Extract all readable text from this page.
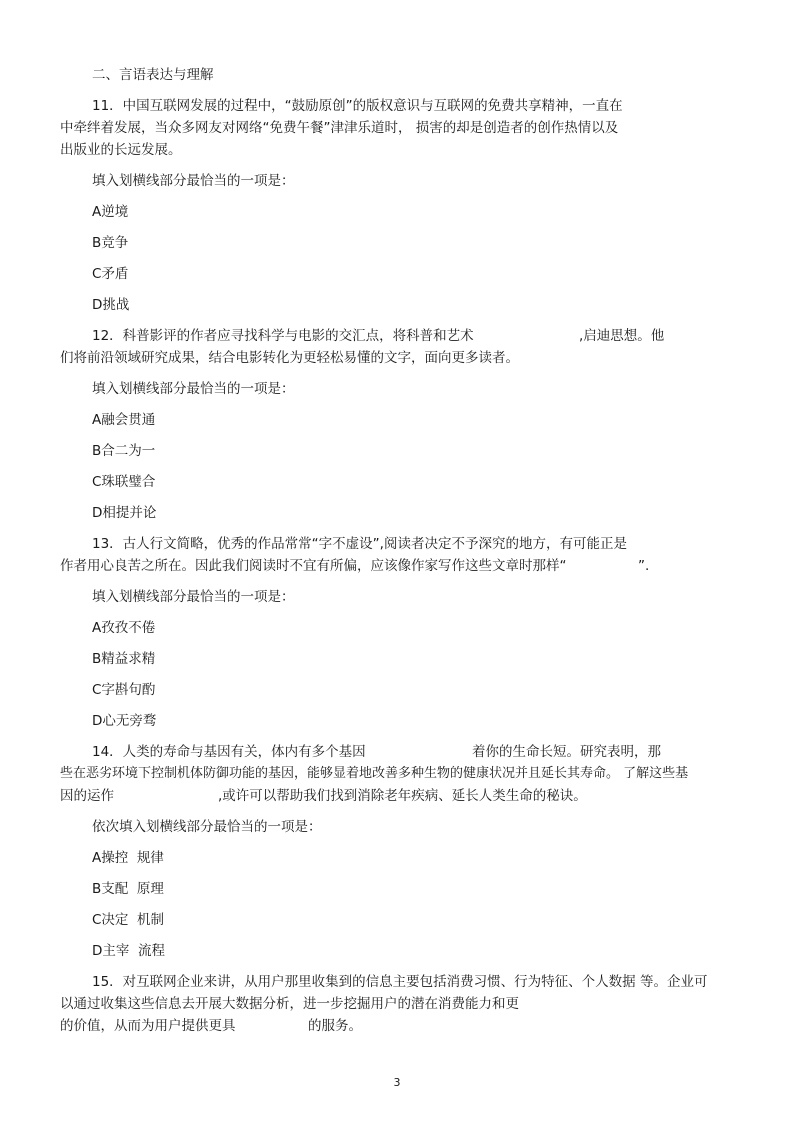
二、言语表达与理解
11．中国互联网发展的过程中，“鼓励原创”的版权意识与互联网的免费共享精神，一直在
中牵绊着发展，当众多网友对网络“免费午餐”津津乐道时， 损害的却是创造者的创作热情以及
出版业的长远发展。
填入划横线部分最恰当的一项是：
A逆境
B竞争
C矛盾
D挑战
12．科普影评的作者应寻找科学与电影的交汇点，将科普和艺术	,启迪思想。他
们将前沿领域研究成果，结合电影转化为更轻松易懂的文字，面向更多读者。
填入划横线部分最恰当的一项是：
A融会贯通
B合二为一
C珠联璧合
D相提并论
13．古人行文简略，优秀的作品常常“字不虚设”,阅读者决定不予深究的地方，有可能正是
作者用心良苦之所在。因此我们阅读时不宜有所偏，应该像作家写作这些文章时那样“	”.
填入划横线部分最恰当的一项是：
A孜孜不倦
B精益求精
C字斟句酌
D心无旁骛
14．人类的寿命与基因有关，体内有多个基因	着你的生命长短。研究表明，那
些在恶劣环境下控制机体防御功能的基因，能够显着地改善多种生物的健康状况并且延长其寿命。 了解这些基
因的运作	,或许可以帮助我们找到消除老年疾病、延长人类生命的秘诀。
依次填入划横线部分最恰当的一项是：
A操控  规律
B支配  原理
C决定  机制
D主宰  流程
15．对互联网企业来讲，从用户那里收集到的信息主要包括消费习惯、行为特征、个人数据 等。企业可
以通过收集这些信息去开展大数据分析，进一步挖掘用户的潜在消费能力和更
的价值，从而为用户提供更具	的服务。
3
